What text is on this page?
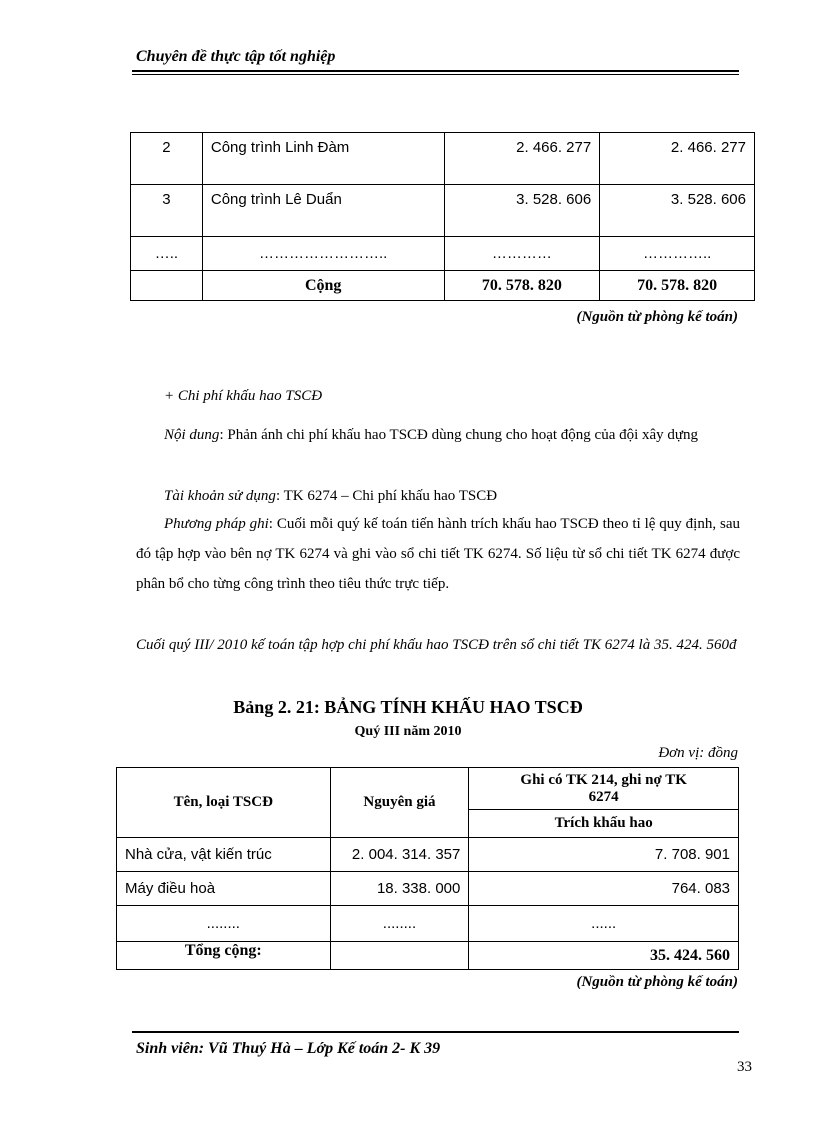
Chuyên đề thực tập tốt nghiệp
2	Công trình Linh Đàm	2. 466. 277	2. 466. 277
3	Công trình Lê Duẩn	3. 528. 606	3. 528. 606
…..	……………………..	…………	…………..
	Cộng	70. 578. 820	70. 578. 820
(Nguồn từ phòng kế toán)
+ Chi phí khấu hao TSCĐ
Nội dung: Phản ánh chi phí khấu hao TSCĐ dùng chung cho hoạt động của đội xây dựng
Tài khoản sử dụng: TK 6274 – Chi phí khấu hao TSCĐ
Phương pháp ghi: Cuối mỗi quý kế toán tiến hành trích khấu hao TSCĐ theo tỉ lệ quy định, sau đó tập hợp vào bên nợ TK 6274 và ghi vào sổ chi tiết TK 6274. Số liệu từ sổ chi tiết TK 6274 được phân bổ cho từng công trình theo tiêu thức trực tiếp.
Cuối quý III/ 2010 kế toán tập hợp chi phí khấu hao TSCĐ trên sổ chi tiết TK 6274 là 35. 424. 560đ
Bảng 2. 21: BẢNG TÍNH KHẤU HAO TSCĐ
Quý III năm 2010
Đơn vị: đồng
Tên, loại TSCĐ	Nguyên giá	Ghi có TK 214, ghi nợ TK 6274
		Trích khấu hao
Nhà cửa, vật kiến trúc	2. 004. 314. 357	7. 708. 901
Máy điều hoà	18. 338. 000	764. 083
........	........	......
Tổng cộng:		35. 424. 560
(Nguồn từ phòng kế toán)
Sinh viên: Vũ Thuý Hà – Lớp Kế toán 2- K 39
33
